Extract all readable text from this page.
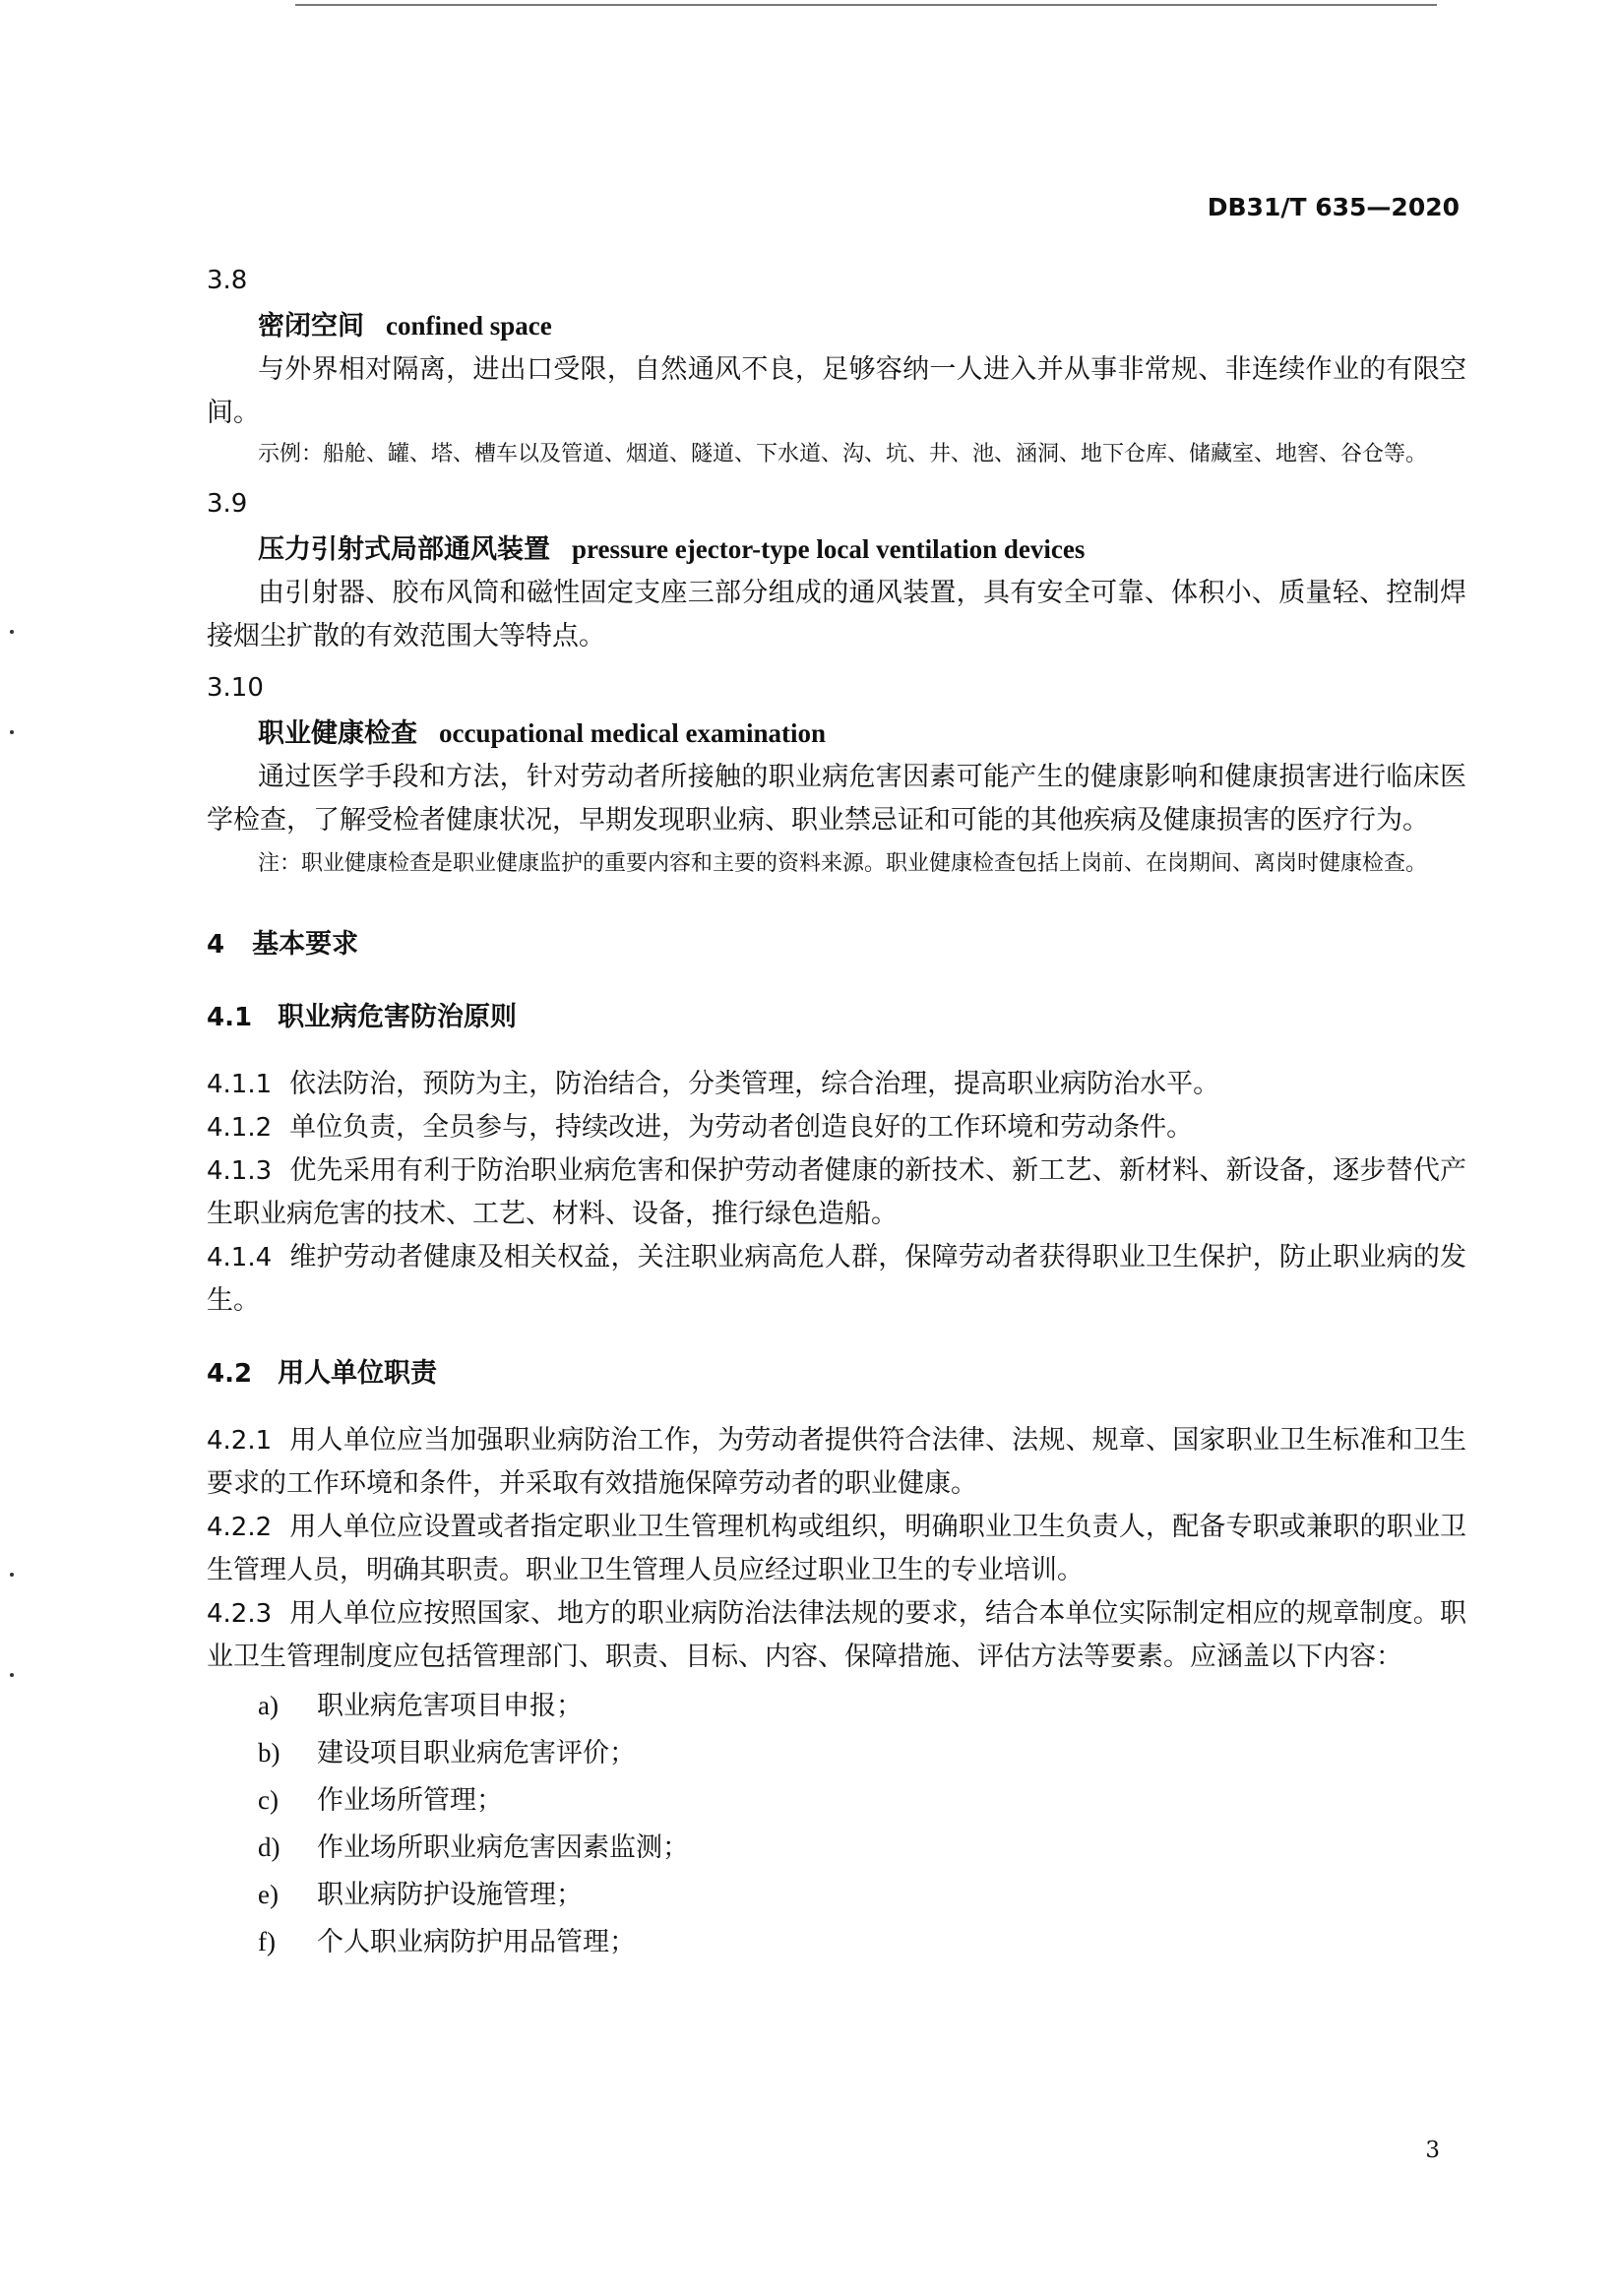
DB31/T 635—2020
3.8
密闭空间 confined space

与外界相对隔离，进出口受限，自然通风不良，足够容纳一人进入并从事非常规、非连续作业的有限空间。

示例：船舱、罐、塔、槽车以及管道、烟道、隧道、下水道、沟、坑、井、池、涵洞、地下仓库、储藏室、地窖、谷仓等。
3.9
压力引射式局部通风装置 pressure ejector-type local ventilation devices

由引射器、胶布风筒和磁性固定支座三部分组成的通风装置，具有安全可靠、体积小、质量轻、控制焊接烟尘扩散的有效范围大等特点。

3.10
职业健康检查 occupational medical examination

通过医学手段和方法，针对劳动者所接触的职业病危害因素可能产生的健康影响和健康损害进行临床医学检查，了解受检者健康状况，早期发现职业病、职业禁忌证和可能的其他疾病及健康损害的医疗行为。

注： 职业健康检查是职业健康监护的重要内容和主要的资料来源。职业健康检查包括上岗前、在岗期间、离岗时健康检查。
4 基本要求
4.1 职业病危害防治原则

4.1.1 依法防治，预防为主，防治结合，分类管理，综合治理，提高职业病防治水平。

4.1.2 单位负责，全员参与，持续改进，为劳动者创造良好的工作环境和劳动条件。

4.1.3 优先采用有利于防治职业病危害和保护劳动者健康的新技术、新工艺、新材料、新设备，逐步替代产生职业病危害的技术、工艺、材料、设备，推行绿色造船。

4.1.4 维护劳动者健康及相关权益，关注职业病高危人群，保障劳动者获得职业卫生保护，防止职业病的发生。

4.2 用人单位职责

4.2.1 用人单位应当加强职业病防治工作，为劳动者提供符合法律、法规、规章、国家职业卫生标准和卫生要求的工作环境和条件，并采取有效措施保障劳动者的职业健康。

4.2.2 用人单位应设置或者指定职业卫生管理机构或组织，明确职业卫生负责人，配备专职或兼职的职业卫生管理人员，明确其职责。职业卫生管理人员应经过职业卫生的专业培训。

4.2.3 用人单位应按照国家、地方的职业病防治法律法规的要求，结合本单位实际制定相应的规章制度。职业卫生管理制度应包括管理部门、职责、目标、内容、保障措施、评估方法等要素。应涵盖以下内容：

a) 职业病危害项目申报；
b) 建设项目职业病危害评价；
c) 作业场所管理；
d) 作业场所职业病危害因素监测；
e) 职业病防护设施管理；
f) 个人职业病防护用品管理；
3
